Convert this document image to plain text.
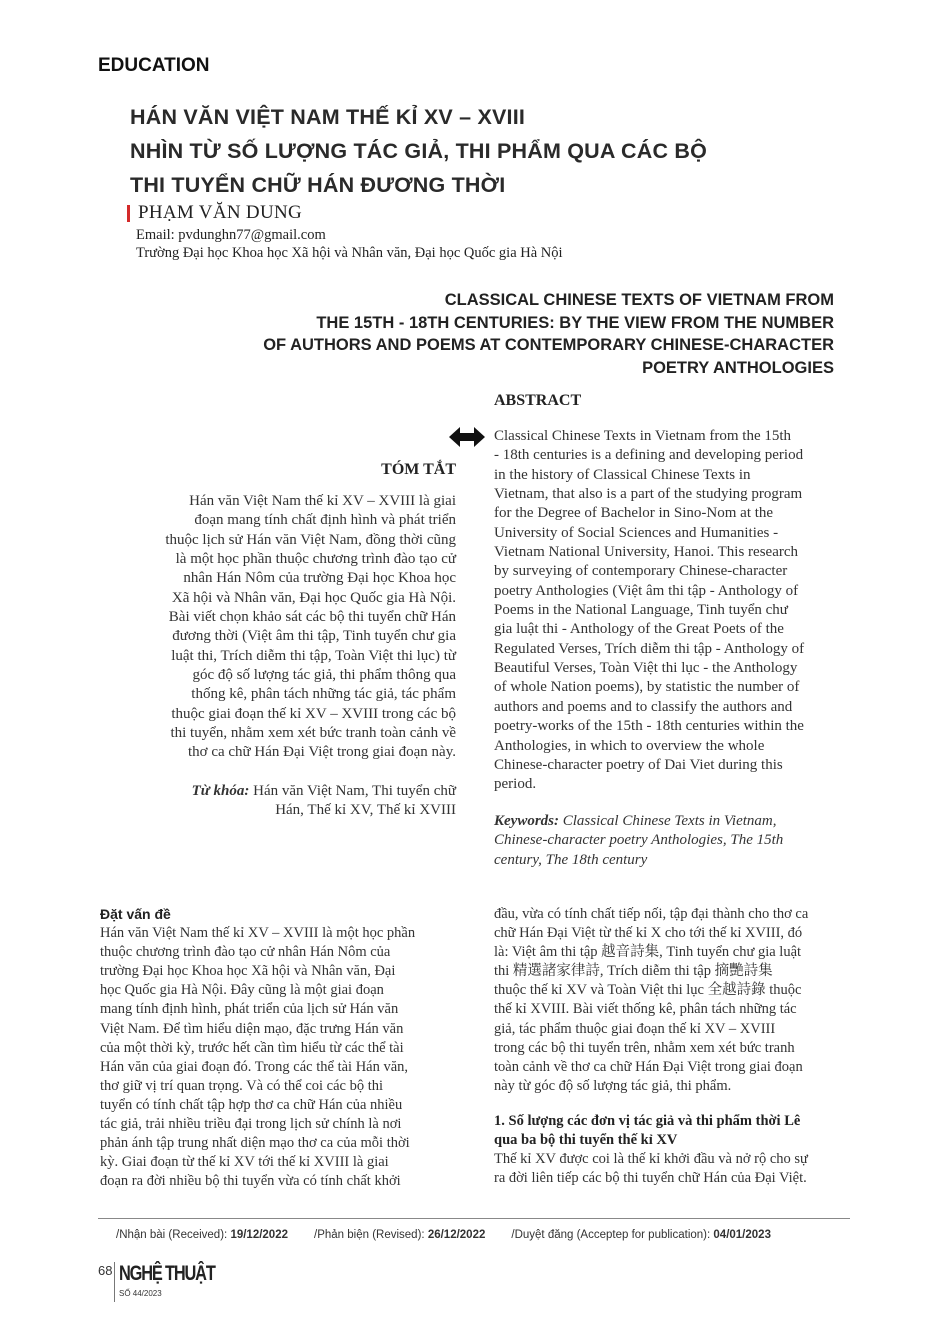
EDUCATION
HÁN VĂN VIỆT NAM THẾ KỈ XV – XVIII
NHÌN TỪ SỐ LƯỢNG TÁC GIẢ, THI PHẨM QUA CÁC BỘ
THI TUYỂN CHỮ HÁN ĐƯƠNG THỜI
PHẠM VĂN DUNG
Email: pvdunghn77@gmail.com
Trường Đại học Khoa học Xã hội và Nhân văn, Đại học Quốc gia Hà Nội
CLASSICAL CHINESE TEXTS OF VIETNAM FROM
THE 15TH - 18TH CENTURIES: BY THE VIEW FROM THE NUMBER
OF AUTHORS AND POEMS AT CONTEMPORARY CHINESE-CHARACTER
POETRY ANTHOLOGIES
ABSTRACT
Classical Chinese Texts in Vietnam from the 15th
- 18th centuries is a defining and developing period
in the history of Classical Chinese Texts in
Vietnam, that also is a part of the studying program
for the Degree of Bachelor in Sino-Nom at the
University of Social Sciences and Humanities -
Vietnam National University, Hanoi. This research
by surveying of contemporary Chinese-character
poetry Anthologies (Việt âm thi tập - Anthology of
Poems in the National Language, Tinh tuyển chư
gia luật thi - Anthology of the Great Poets of the
Regulated Verses, Trích diễm thi tập - Anthology of
Beautiful Verses, Toàn Việt thi lục - the Anthology
of whole Nation poems), by statistic the number of
authors and poems and to classify the authors and
poetry-works of the 15th - 18th centuries within the
Anthologies, in which to overview the whole
Chinese-character poetry of Dai Viet during this
period.
Keywords: Classical Chinese Texts in Vietnam,
Chinese-character poetry Anthologies, The 15th
century, The 18th century
TÓM TẮT
Hán văn Việt Nam thế kỉ XV – XVIII là giai
đoạn mang tính chất định hình và phát triển
thuộc lịch sử Hán văn Việt Nam, đồng thời cũng
là một học phần thuộc chương trình đào tạo cử
nhân Hán Nôm của trường Đại học Khoa học
Xã hội và Nhân văn, Đại học Quốc gia Hà Nội.
Bài viết chọn khảo sát các bộ thi tuyển chữ Hán
đương thời (Việt âm thi tập, Tinh tuyển chư gia
luật thi, Trích diễm thi tập, Toàn Việt thi lục) từ
góc độ số lượng tác giả, thi phẩm thông qua
thống kê, phân tách những tác giả, tác phẩm
thuộc giai đoạn thế kỉ XV – XVIII trong các bộ
thi tuyển, nhằm xem xét bức tranh toàn cảnh về
thơ ca chữ Hán Đại Việt trong giai đoạn này.
Từ khóa: Hán văn Việt Nam, Thi tuyển chữ
Hán, Thế kỉ XV, Thế kỉ XVIII
Đặt vấn đề
Hán văn Việt Nam thế kỉ XV – XVIII là một học phần
thuộc chương trình đào tạo cử nhân Hán Nôm của
trường Đại học Khoa học Xã hội và Nhân văn, Đại
học Quốc gia Hà Nội. Đây cũng là một giai đoạn
mang tính định hình, phát triển của lịch sử Hán văn
Việt Nam. Để tìm hiểu diện mạo, đặc trưng Hán văn
của một thời kỳ, trước hết cần tìm hiểu từ các thể tài
Hán văn của giai đoạn đó. Trong các thể tài Hán văn,
thơ giữ vị trí quan trọng. Và có thể coi các bộ thi
tuyển có tính chất tập hợp thơ ca chữ Hán của nhiều
tác giả, trải nhiều triều đại trong lịch sử chính là nơi
phản ánh tập trung nhất diện mạo thơ ca của mỗi thời
kỳ. Giai đoạn từ thế kỉ XV tới thế kỉ XVIII là giai
đoạn ra đời nhiều bộ thi tuyển vừa có tính chất khởi
đầu, vừa có tính chất tiếp nối, tập đại thành cho thơ ca
chữ Hán Đại Việt từ thế kỉ X cho tới thế kỉ XVIII, đó
là: Việt âm thi tập 越音詩集, Tinh tuyển chư gia luật
thi 精選諸家律詩, Trích diễm thi tập 摘艷詩集
thuộc thế kỉ XV và Toàn Việt thi lục 全越詩錄 thuộc
thế kỉ XVIII. Bài viết thống kê, phân tách những tác
giả, tác phẩm thuộc giai đoạn thế kỉ XV – XVIII
trong các bộ thi tuyển trên, nhằm xem xét bức tranh
toàn cảnh về thơ ca chữ Hán Đại Việt trong giai đoạn
này từ góc độ số lượng tác giả, thi phẩm.
1. Số lượng các đơn vị tác giả và thi phẩm thời Lê
qua ba bộ thi tuyển thế kỉ XV
Thế kỉ XV được coi là thế kỉ khởi đầu và nở rộ cho sự
ra đời liên tiếp các bộ thi tuyển chữ Hán của Đại Việt.
/Nhận bài (Received): 19/12/2022 /Phản biện (Revised): 26/12/2022 /Duyệt đăng (Acceptep for publication): 04/01/2023
68 NGHỆ THUẬT
SỐ 44/2023
